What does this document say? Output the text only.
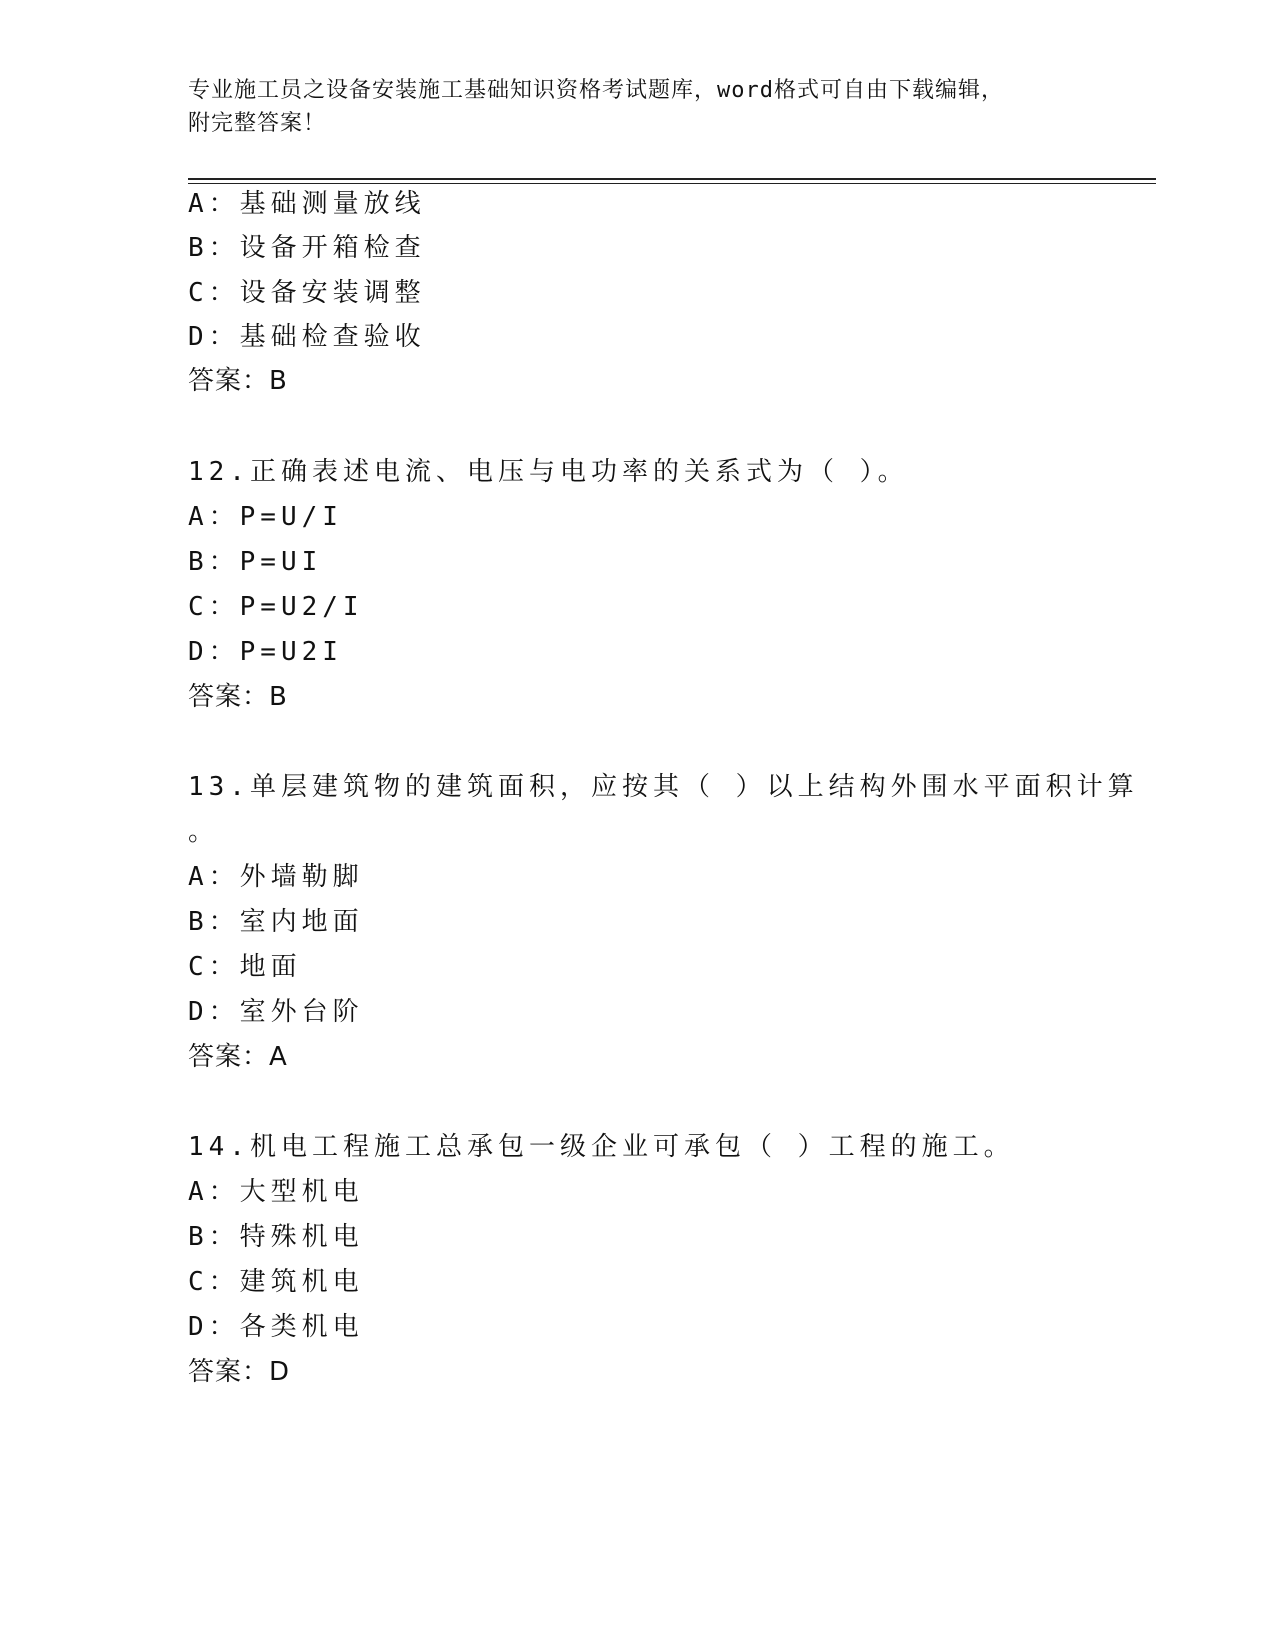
专业施工员之设备安装施工基础知识资格考试题库，word格式可自由下载编辑，
附完整答案！
A：基础测量放线
B：设备开箱检查
C：设备安装调整
D：基础检查验收
答案：B
12.正确表述电流、电压与电功率的关系式为（ ）。
A：P=U/I
B：P=UI
C：P=U2/I
D：P=U2I
答案：B
13.单层建筑物的建筑面积，应按其（ ）以上结构外围水平面积计算
。
A：外墙勒脚
B：室内地面
C：地面
D：室外台阶
答案：A
14.机电工程施工总承包一级企业可承包（ ）工程的施工。
A：大型机电
B：特殊机电
C：建筑机电
D：各类机电
答案：D
